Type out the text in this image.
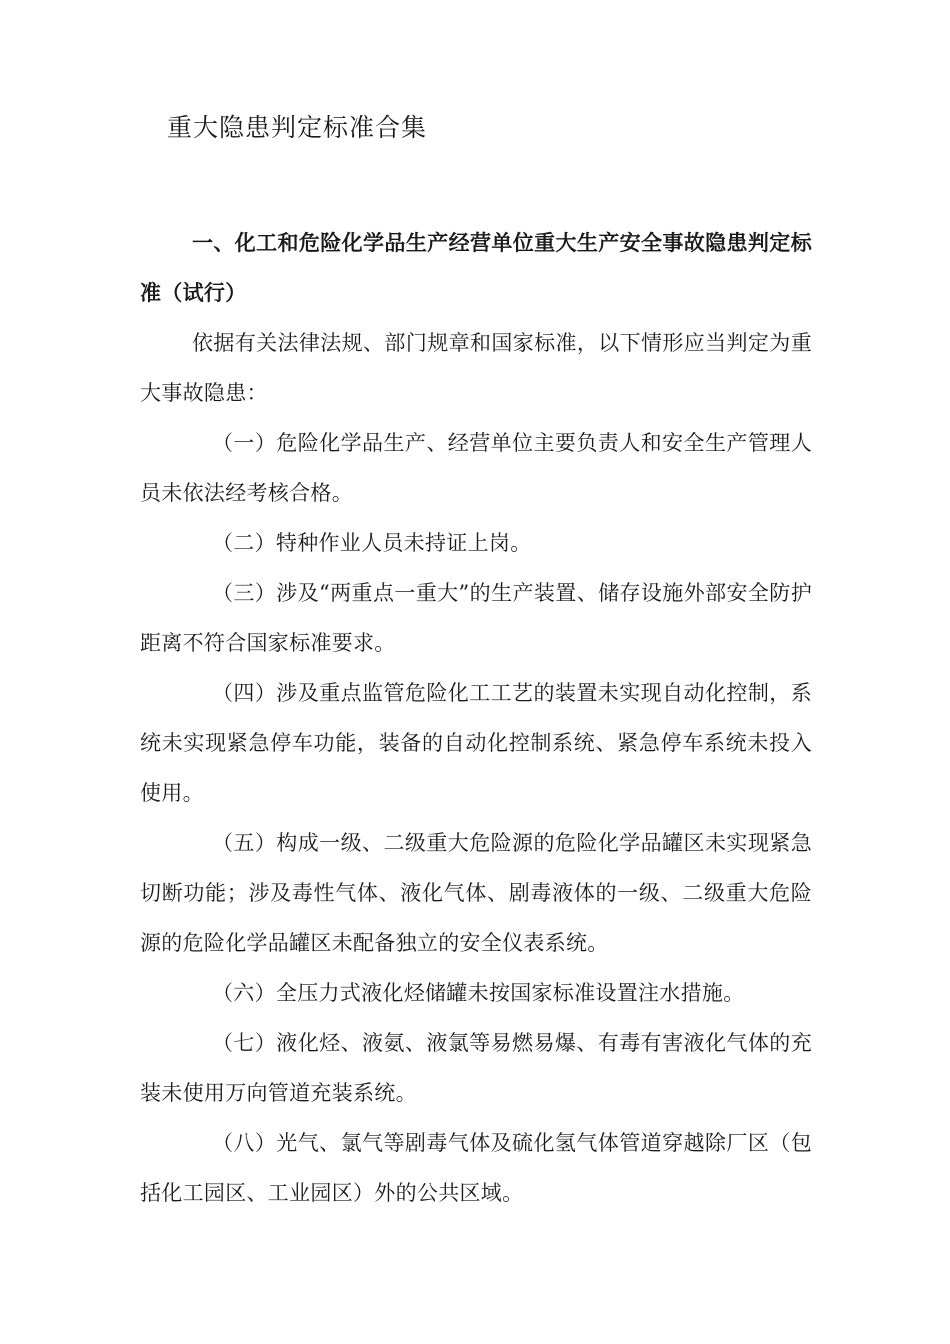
重大隐患判定标准合集

一、化工和危险化学品生产经营单位重大生产安全事故隐患判定标准（试行）

依据有关法律法规、部门规章和国家标准，以下情形应当判定为重大事故隐患：

（一）危险化学品生产、经营单位主要负责人和安全生产管理人员未依法经考核合格。

（二）特种作业人员未持证上岗。

（三）涉及“两重点一重大”的生产装置、储存设施外部安全防护距离不符合国家标准要求。

（四）涉及重点监管危险化工工艺的装置未实现自动化控制，系统未实现紧急停车功能，装备的自动化控制系统、紧急停车系统未投入使用。

（五）构成一级、二级重大危险源的危险化学品罐区未实现紧急切断功能；涉及毒性气体、液化气体、剧毒液体的一级、二级重大危险源的危险化学品罐区未配备独立的安全仪表系统。

（六）全压力式液化烃储罐未按国家标准设置注水措施。

（七）液化烃、液氨、液氯等易燃易爆、有毒有害液化气体的充装未使用万向管道充装系统。

（八）光气、氯气等剧毒气体及硫化氢气体管道穿越除厂区（包括化工园区、工业园区）外的公共区域。
